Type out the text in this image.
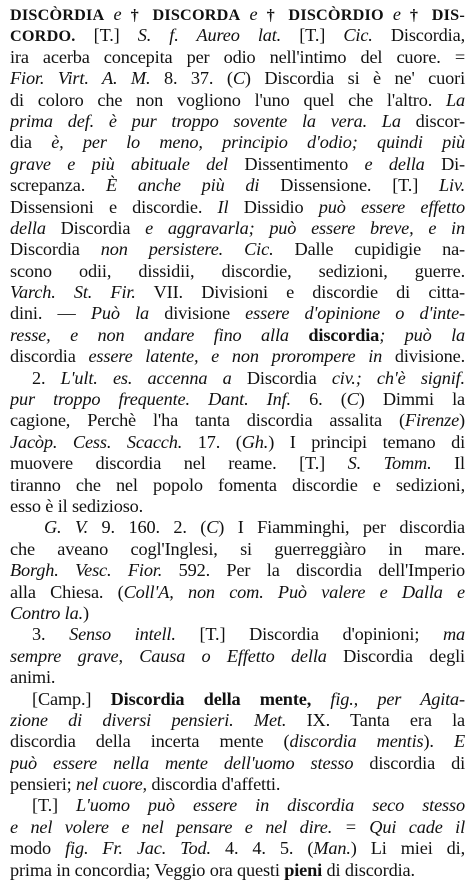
DISCÒRDIA e † DISCORDA e † DISCÒRDIO e † DIS-
CORDO. [T.] S. f. Aureo lat. [T.] Cic. Discordia,
ira acerba concepita per odio nell'intimo del cuore. =
Fior. Virt. A. M. 8. 37. (C) Discordia si è ne' cuori
di coloro che non vogliono l'uno quel che l'altro. La
prima def. è pur troppo sovente la vera. La discor-
dia è, per lo meno, principio d'odio; quindi più
grave e più abituale del Dissentimento e della Di-
screpanza. È anche più di Dissensione. [T.] Liv.
Dissensioni e discordie. Il Dissidio può essere effetto
della Discordia e aggravarla; può essere breve, e in
Discordia non persistere. Cic. Dalle cupidigie na-
scono odii, dissidii, discordie, sedizioni, guerre.
Varch. St. Fir. VII. Divisioni e discordie di cittа-
dini. — Può la divisione essere d'opinione o d'inte-
resse, e non andare fino alla discordia; può la
discordia essere latente, e non prorompere in divisione.
2. L'ult. es. accenna a Discordia civ.; ch'è signif.
pur troppo frequente. Dant. Inf. 6. (C) Dimmi la
cagione, Perchè l'ha tanta discordia assalita (Firenze)
Jacòp. Cess. Scacch. 17. (Gh.) I principi temano di
muovere discordia nel reame. [T.] S. Tomm. Il
tiranno che nel popolo fomenta discordie e sedizioni,
esso è il sedizioso.
G. V. 9. 160. 2. (C) I Fiamminghi, per discordia
che aveano cogl'Inglesi, si guerreggiàro in mare.
Borgh. Vesc. Fior. 592. Per la discordia dell'Imperio
alla Chiesa. (Coll'A, non com. Può valere e Dalla e
Contro la.)
3. Senso intell. [T.] Discordia d'opinioni; ma
sempre grave, Causa o Effetto della Discordia degli
animi.
[Camp.] Discordia della mente, fig., per Agita-
zione di diversi pensieri. Met. IX. Tanta era la
discordia della incerta mente (discordia mentis). E
può essere nella mente dell'uomo stesso discordia di
pensieri; nel cuore, discordia d'affetti.
[T.] L'uomo può essere in discordia seco stesso
e nel volere e nel pensare e nel dire. = Qui cade il
modo fig. Fr. Jac. Tod. 4. 4. 5. (Man.) Li miei di,
prima in concordia; Veggio ora questi pieni di discordia.
